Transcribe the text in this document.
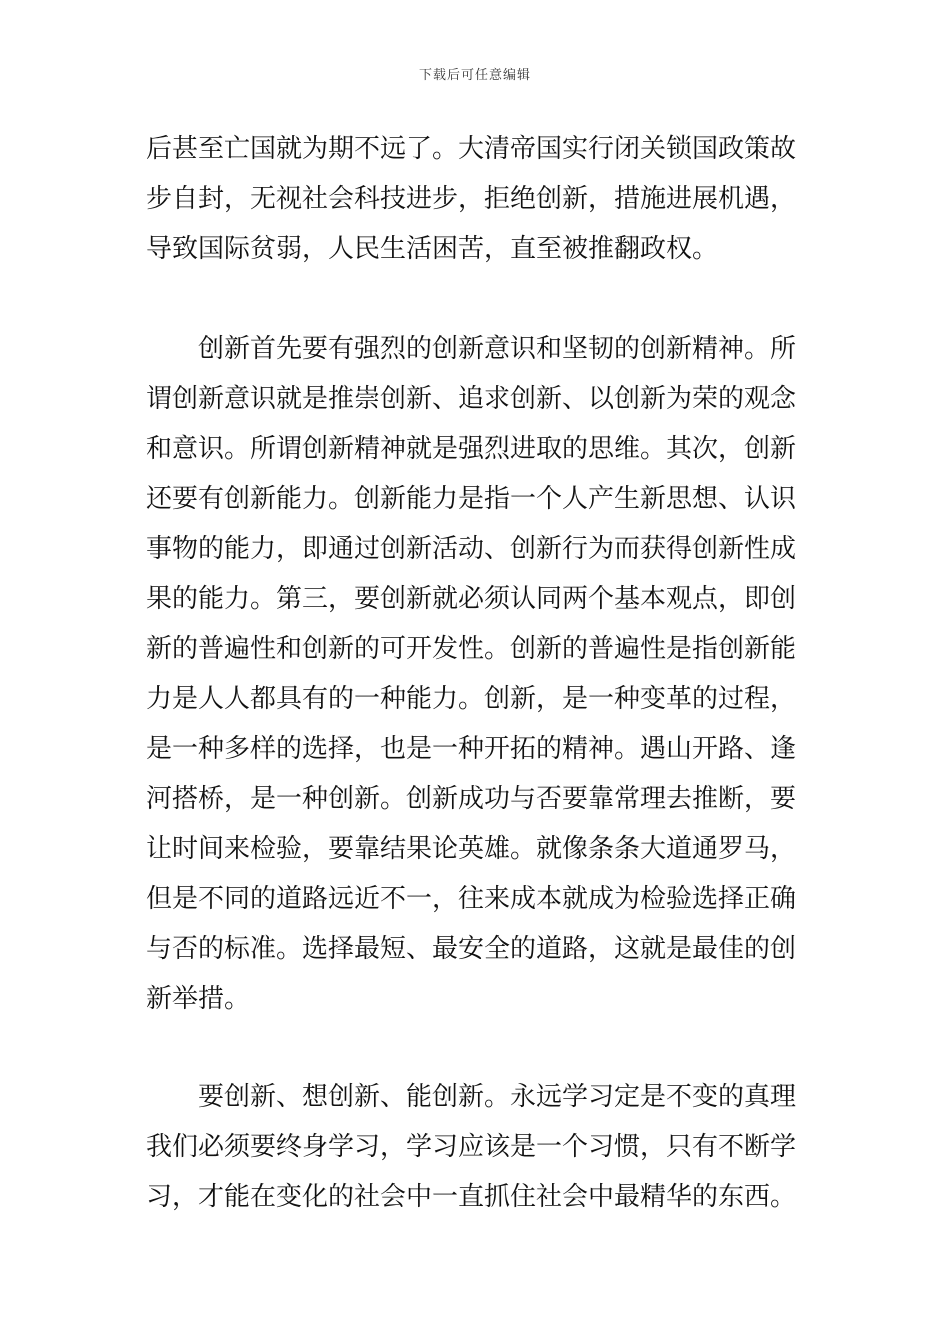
下载后可任意编辑
后甚至亡国就为期不远了。大清帝国实行闭关锁国政策故
步自封，无视社会科技进步，拒绝创新，措施进展机遇，
导致国际贫弱，人民生活困苦，直至被推翻政权。
　　创新首先要有强烈的创新意识和坚韧的创新精神。所
谓创新意识就是推崇创新、追求创新、以创新为荣的观念
和意识。所谓创新精神就是强烈进取的思维。其次，创新
还要有创新能力。创新能力是指一个人产生新思想、认识
事物的能力，即通过创新活动、创新行为而获得创新性成
果的能力。第三，要创新就必须认同两个基本观点，即创
新的普遍性和创新的可开发性。创新的普遍性是指创新能
力是人人都具有的一种能力。创新，是一种变革的过程，
是一种多样的选择，也是一种开拓的精神。遇山开路、逢
河搭桥，是一种创新。创新成功与否要靠常理去推断，要
让时间来检验，要靠结果论英雄。就像条条大道通罗马，
但是不同的道路远近不一，往来成本就成为检验选择正确
与否的标准。选择最短、最安全的道路，这就是最佳的创
新举措。
　　要创新、想创新、能创新。永远学习定是不变的真理
我们必须要终身学习，学习应该是一个习惯，只有不断学
习，才能在变化的社会中一直抓住社会中最精华的东西。
